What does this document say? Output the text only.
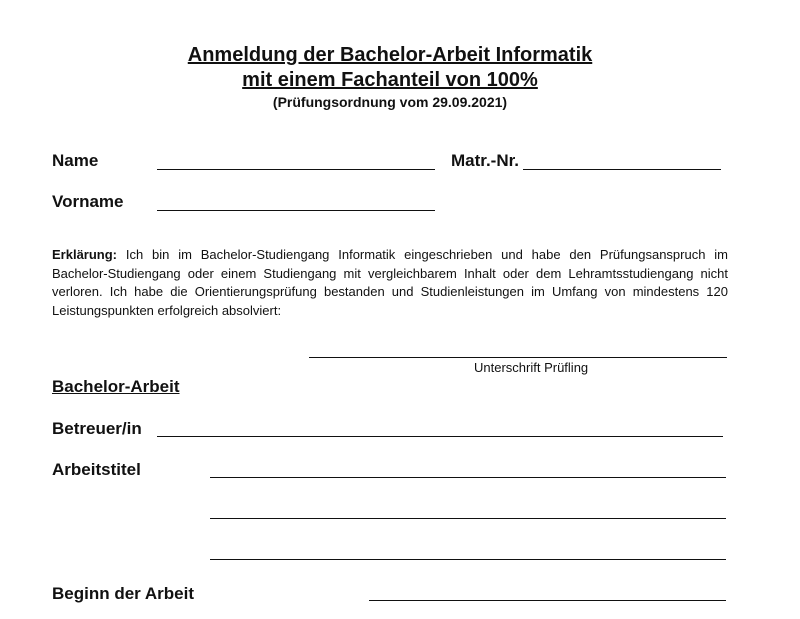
Anmeldung der Bachelor-Arbeit Informatik
mit einem Fachanteil von 100%
(Prüfungsordnung vom 29.09.2021)
Name	Matr.-Nr.
Vorname
Erklärung: Ich bin im Bachelor-Studiengang Informatik eingeschrieben und habe den Prüfungsanspruch im Bachelor-Studiengang oder einem Studiengang mit vergleichbarem Inhalt oder dem Lehramtsstudiengang nicht verloren. Ich habe die Orientierungsprüfung bestanden und Studienleistungen im Umfang von mindestens 120 Leistungspunkten erfolgreich absolviert:
Unterschrift Prüfling
Bachelor-Arbeit
Betreuer/in
Arbeitstitel
Beginn der Arbeit
